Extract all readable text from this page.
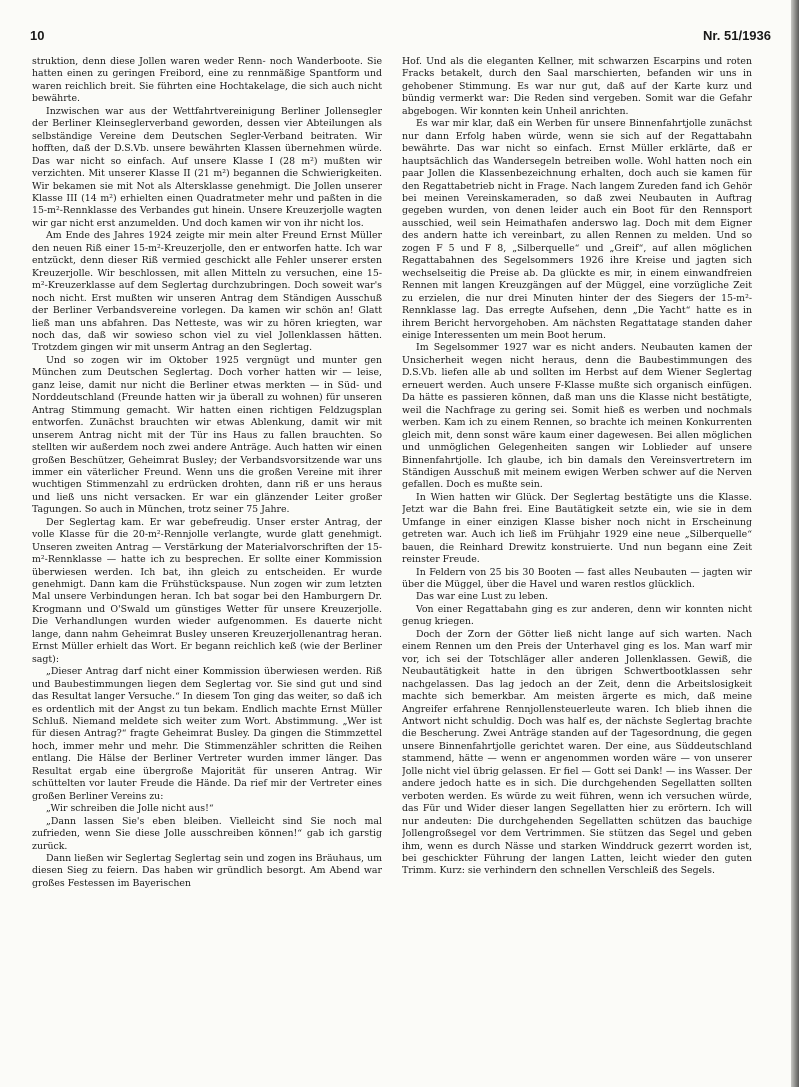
10	Nr. 51/1936

struktion, denn diese Jollen waren weder Renn- noch Wanderboote. Sie hatten einen zu geringen Freibord, eine zu rennmäßige Spantform und waren reichlich breit. Sie führten eine Hochtakelage, die sich auch nicht bewährte.

Inzwischen war aus der Wettfahrtvereinigung Berliner Jollensegler der Berliner Kleinseglerverband geworden, dessen vier Abteilungen als selbständige Vereine dem Deutschen Segler-Verband beitraten. Wir hofften, daß der D.S.Vb. unsere bewährten Klassen übernehmen würde. Das war nicht so einfach. Auf unsere Klasse I (28 m²) mußten wir verzichten. Mit unserer Klasse II (21 m²) begannen die Schwierigkeiten. Wir bekamen sie mit Not als Altersklasse genehmigt. Die Jollen unserer Klasse III (14 m²) erhielten einen Quadratmeter mehr und paßten in die 15-m²-Rennklasse des Verbandes gut hinein. Unsere Kreuzerjolle wagten wir gar nicht erst anzumelden. Und doch kamen wir von ihr nicht los.

Am Ende des Jahres 1924 zeigte mir mein alter Freund Ernst Müller den neuen Riß einer 15-m²-Kreuzerjolle, den er entworfen hatte. Ich war entzückt, denn dieser Riß vermied geschickt alle Fehler unserer ersten Kreuzerjolle. Wir beschlossen, mit allen Mitteln zu versuchen, eine 15-m²-Kreuzerklasse auf dem Seglertag durchzubringen. Doch soweit war's noch nicht. Erst mußten wir unseren Antrag dem Ständigen Ausschuß der Berliner Verbandsvereine vorlegen. Da kamen wir schön an! Glatt ließ man uns abfahren. Das Netteste, was wir zu hören kriegten, war noch das, daß wir sowieso schon viel zu viel Jollenklassen hätten. Trotzdem gingen wir mit unserm Antrag an den Seglertag.

Und so zogen wir im Oktober 1925 vergnügt und munter gen München zum Deutschen Seglertag. Doch vorher hatten wir — leise, ganz leise, damit nur nicht die Berliner etwas merkten — in Süd- und Norddeutschland (Freunde hatten wir ja überall zu wohnen) für unseren Antrag Stimmung gemacht. Wir hatten einen richtigen Feldzugsplan entworfen. Zunächst brauchten wir etwas Ablenkung, damit wir mit unserem Antrag nicht mit der Tür ins Haus zu fallen brauchten. So stellten wir außerdem noch zwei andere Anträge. Auch hatten wir einen großen Beschützer, Geheimrat Busley; der Verbandsvorsitzende war uns immer ein väterlicher Freund. Wenn uns die großen Vereine mit ihrer wuchtigen Stimmenzahl zu erdrücken drohten, dann riß er uns heraus und ließ uns nicht versacken. Er war ein glänzender Leiter großer Tagungen. So auch in München, trotz seiner 75 Jahre.

Der Seglertag kam. Er war gebefreudig. Unser erster Antrag, der volle Klasse für die 20-m²-Rennjolle verlangte, wurde glatt genehmigt. Unseren zweiten Antrag — Verstärkung der Materialvorschriften der 15-m²-Rennklasse — hatte ich zu besprechen. Er sollte einer Kommission überwiesen werden. Ich bat, ihn gleich zu entscheiden. Er wurde genehmigt. Dann kam die Frühstückspause. Nun zogen wir zum letzten Mal unsere Verbindungen heran. Ich bat sogar bei den Hamburgern Dr. Krogmann und O'Swald um günstiges Wetter für unsere Kreuzerjolle. Die Verhandlungen wurden wieder aufgenommen. Es dauerte nicht lange, dann nahm Geheimrat Busley unseren Kreuzerjollenantrag heran. Ernst Müller erhielt das Wort. Er begann reichlich keß (wie der Berliner sagt):

„Dieser Antrag darf nicht einer Kommission überwiesen werden. Riß und Baubestimmungen liegen dem Seglertag vor. Sie sind gut und sind das Resultat langer Versuche.“ In diesem Ton ging das weiter, so daß ich es ordentlich mit der Angst zu tun bekam. Endlich machte Ernst Müller Schluß. Niemand meldete sich weiter zum Wort. Abstimmung. „Wer ist für diesen Antrag?“ fragte Geheimrat Busley. Da gingen die Stimmzettel hoch, immer mehr und mehr. Die Stimmenzähler schritten die Reihen entlang. Die Hälse der Berliner Vertreter wurden immer länger. Das Resultat ergab eine übergroße Majorität für unseren Antrag. Wir schüttelten vor lauter Freude die Hände. Da rief mir der Vertreter eines großen Berliner Vereins zu:

„Wir schreiben die Jolle nicht aus!“

„Dann lassen Sie's eben bleiben. Vielleicht sind Sie noch mal zufrieden, wenn Sie diese Jolle ausschreiben können!“ gab ich garstig zurück.

Dann ließen wir Seglertag Seglertag sein und zogen ins Bräuhaus, um diesen Sieg zu feiern. Das haben wir gründlich besorgt. Am Abend war großes Festessen im Bayerischen

Hof. Und als die eleganten Kellner, mit schwarzen Escarpins und roten Fracks betakelt, durch den Saal marschierten, befanden wir uns in gehobener Stimmung. Es war nur gut, daß auf der Karte kurz und bündig vermerkt war: Die Reden sind vergeben. Somit war die Gefahr abgebogen. Wir konnten kein Unheil anrichten.

Es war mir klar, daß ein Werben für unsere Binnenfahrtjolle zunächst nur dann Erfolg haben würde, wenn sie sich auf der Regattabahn bewährte. Das war nicht so einfach. Ernst Müller erklärte, daß er hauptsächlich das Wandersegeln betreiben wolle. Wohl hatten noch ein paar Jollen die Klassenbezeichnung erhalten, doch auch sie kamen für den Regattabetrieb nicht in Frage. Nach langem Zureden fand ich Gehör bei meinen Vereinskameraden, so daß zwei Neubauten in Auftrag gegeben wurden, von denen leider auch ein Boot für den Rennsport ausschied, weil sein Heimathafen anderswo lag. Doch mit dem Eigner des andern hatte ich vereinbart, zu allen Rennen zu melden. Und so zogen F 5 und F 8, „Silberquelle“ und „Greif“, auf allen möglichen Regattabahnen des Segelsommers 1926 ihre Kreise und jagten sich wechselseitig die Preise ab. Da glückte es mir, in einem einwandfreien Rennen mit langen Kreuzgängen auf der Müggel, eine vorzügliche Zeit zu erzielen, die nur drei Minuten hinter der des Siegers der 15-m²-Rennklasse lag. Das erregte Aufsehen, denn „Die Yacht“ hatte es in ihrem Bericht hervorgehoben. Am nächsten Regattatage standen daher einige Interessenten um mein Boot herum.

Im Segelsommer 1927 war es nicht anders. Neubauten kamen der Unsicherheit wegen nicht heraus, denn die Baubestimmungen des D.S.Vb. liefen alle ab und sollten im Herbst auf dem Wiener Seglertag erneuert werden. Auch unsere F-Klasse mußte sich organisch einfügen. Da hätte es passieren können, daß man uns die Klasse nicht bestätigte, weil die Nachfrage zu gering sei. Somit hieß es werben und nochmals werben. Kam ich zu einem Rennen, so brachte ich meinen Konkurrenten gleich mit, denn sonst wäre kaum einer dagewesen. Bei allen möglichen und unmöglichen Gelegenheiten sangen wir Loblieder auf unsere Binnenfahrtjolle. Ich glaube, ich bin damals den Vereinsvertretern im Ständigen Ausschuß mit meinem ewigen Werben schwer auf die Nerven gefallen. Doch es mußte sein.

In Wien hatten wir Glück. Der Seglertag bestätigte uns die Klasse. Jetzt war die Bahn frei. Eine Bautätigkeit setzte ein, wie sie in dem Umfange in einer einzigen Klasse bisher noch nicht in Erscheinung getreten war. Auch ich ließ im Frühjahr 1929 eine neue „Silberquelle“ bauen, die Reinhard Drewitz konstruierte. Und nun begann eine Zeit reinster Freude.

In Feldern von 25 bis 30 Booten — fast alles Neubauten — jagten wir über die Müggel, über die Havel und waren restlos glücklich.

Das war eine Lust zu leben.

Von einer Regattabahn ging es zur anderen, denn wir konnten nicht genug kriegen.

Doch der Zorn der Götter ließ nicht lange auf sich warten. Nach einem Rennen um den Preis der Unterhavel ging es los. Man warf mir vor, ich sei der Totschläger aller anderen Jollenklassen. Gewiß, die Neubautätigkeit hatte in den übrigen Schwertbootklassen sehr nachgelassen. Das lag jedoch an der Zeit, denn die Arbeitslosigkeit machte sich bemerkbar. Am meisten ärgerte es mich, daß meine Angreifer erfahrene Rennjollensteuerleute waren. Ich blieb ihnen die Antwort nicht schuldig. Doch was half es, der nächste Seglertag brachte die Bescherung. Zwei Anträge standen auf der Tagesordnung, die gegen unsere Binnenfahrtjolle gerichtet waren. Der eine, aus Süddeutschland stammend, hätte — wenn er angenommen worden wäre — von unserer Jolle nicht viel übrig gelassen. Er fiel — Gott sei Dank! — ins Wasser. Der andere jedoch hatte es in sich. Die durchgehenden Segellatten sollten verboten werden. Es würde zu weit führen, wenn ich versuchen würde, das Für und Wider dieser langen Segellatten hier zu erörtern. Ich will nur andeuten: Die durchgehenden Segellatten schützen das bauchige Jollengroßsegel vor dem Vertrimmen. Sie stützen das Segel und geben ihm, wenn es durch Nässe und starken Winddruck gezerrt worden ist, bei geschickter Führung der langen Latten, leicht wieder den guten Trimm. Kurz: sie verhindern den schnellen Verschleiß des Segels.
